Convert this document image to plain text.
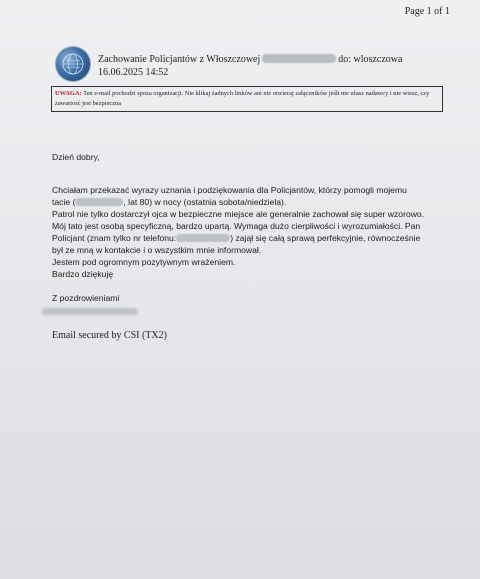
Page 1 of 1
Zachowanie Policjantów z Włoszczowej	do: wloszczowa
16.06.2025 14:52
UWAGA: Ten e-mail pochodzi spoza organizacji. Nie klikaj żadnych linków ani nie otwieraj załączników jeśli nie ufasz nadawcy i nie wiesz, czy zawartość jest bezpieczna
Dzień dobry,
Chciałam przekazać wyrazy uznania i podziękowania dla Policjantów, którzy pomogli mojemu
tacie (	, lat 80) w nocy (ostatnia sobota/niedziela).
Patrol nie tylko dostarczył ojca w bezpieczne miejsce ale generalnie zachował się super wzorowo.
Mój tato jest osobą specyficzną, bardzo upartą. Wymaga dużo cierpliwości i wyrozumiałości. Pan
Policjant (znam tylko nr telefonu:	) zajął się całą sprawą perfekcyjnie, równocześnie
był ze mną w kontakcie i o wszystkim mnie informował.
Jestem pod ogromnym pozytywnym wrażeniem.
Bardzo dziękuję
Z pozdrowieniami
Email secured by CSI (TX2)
